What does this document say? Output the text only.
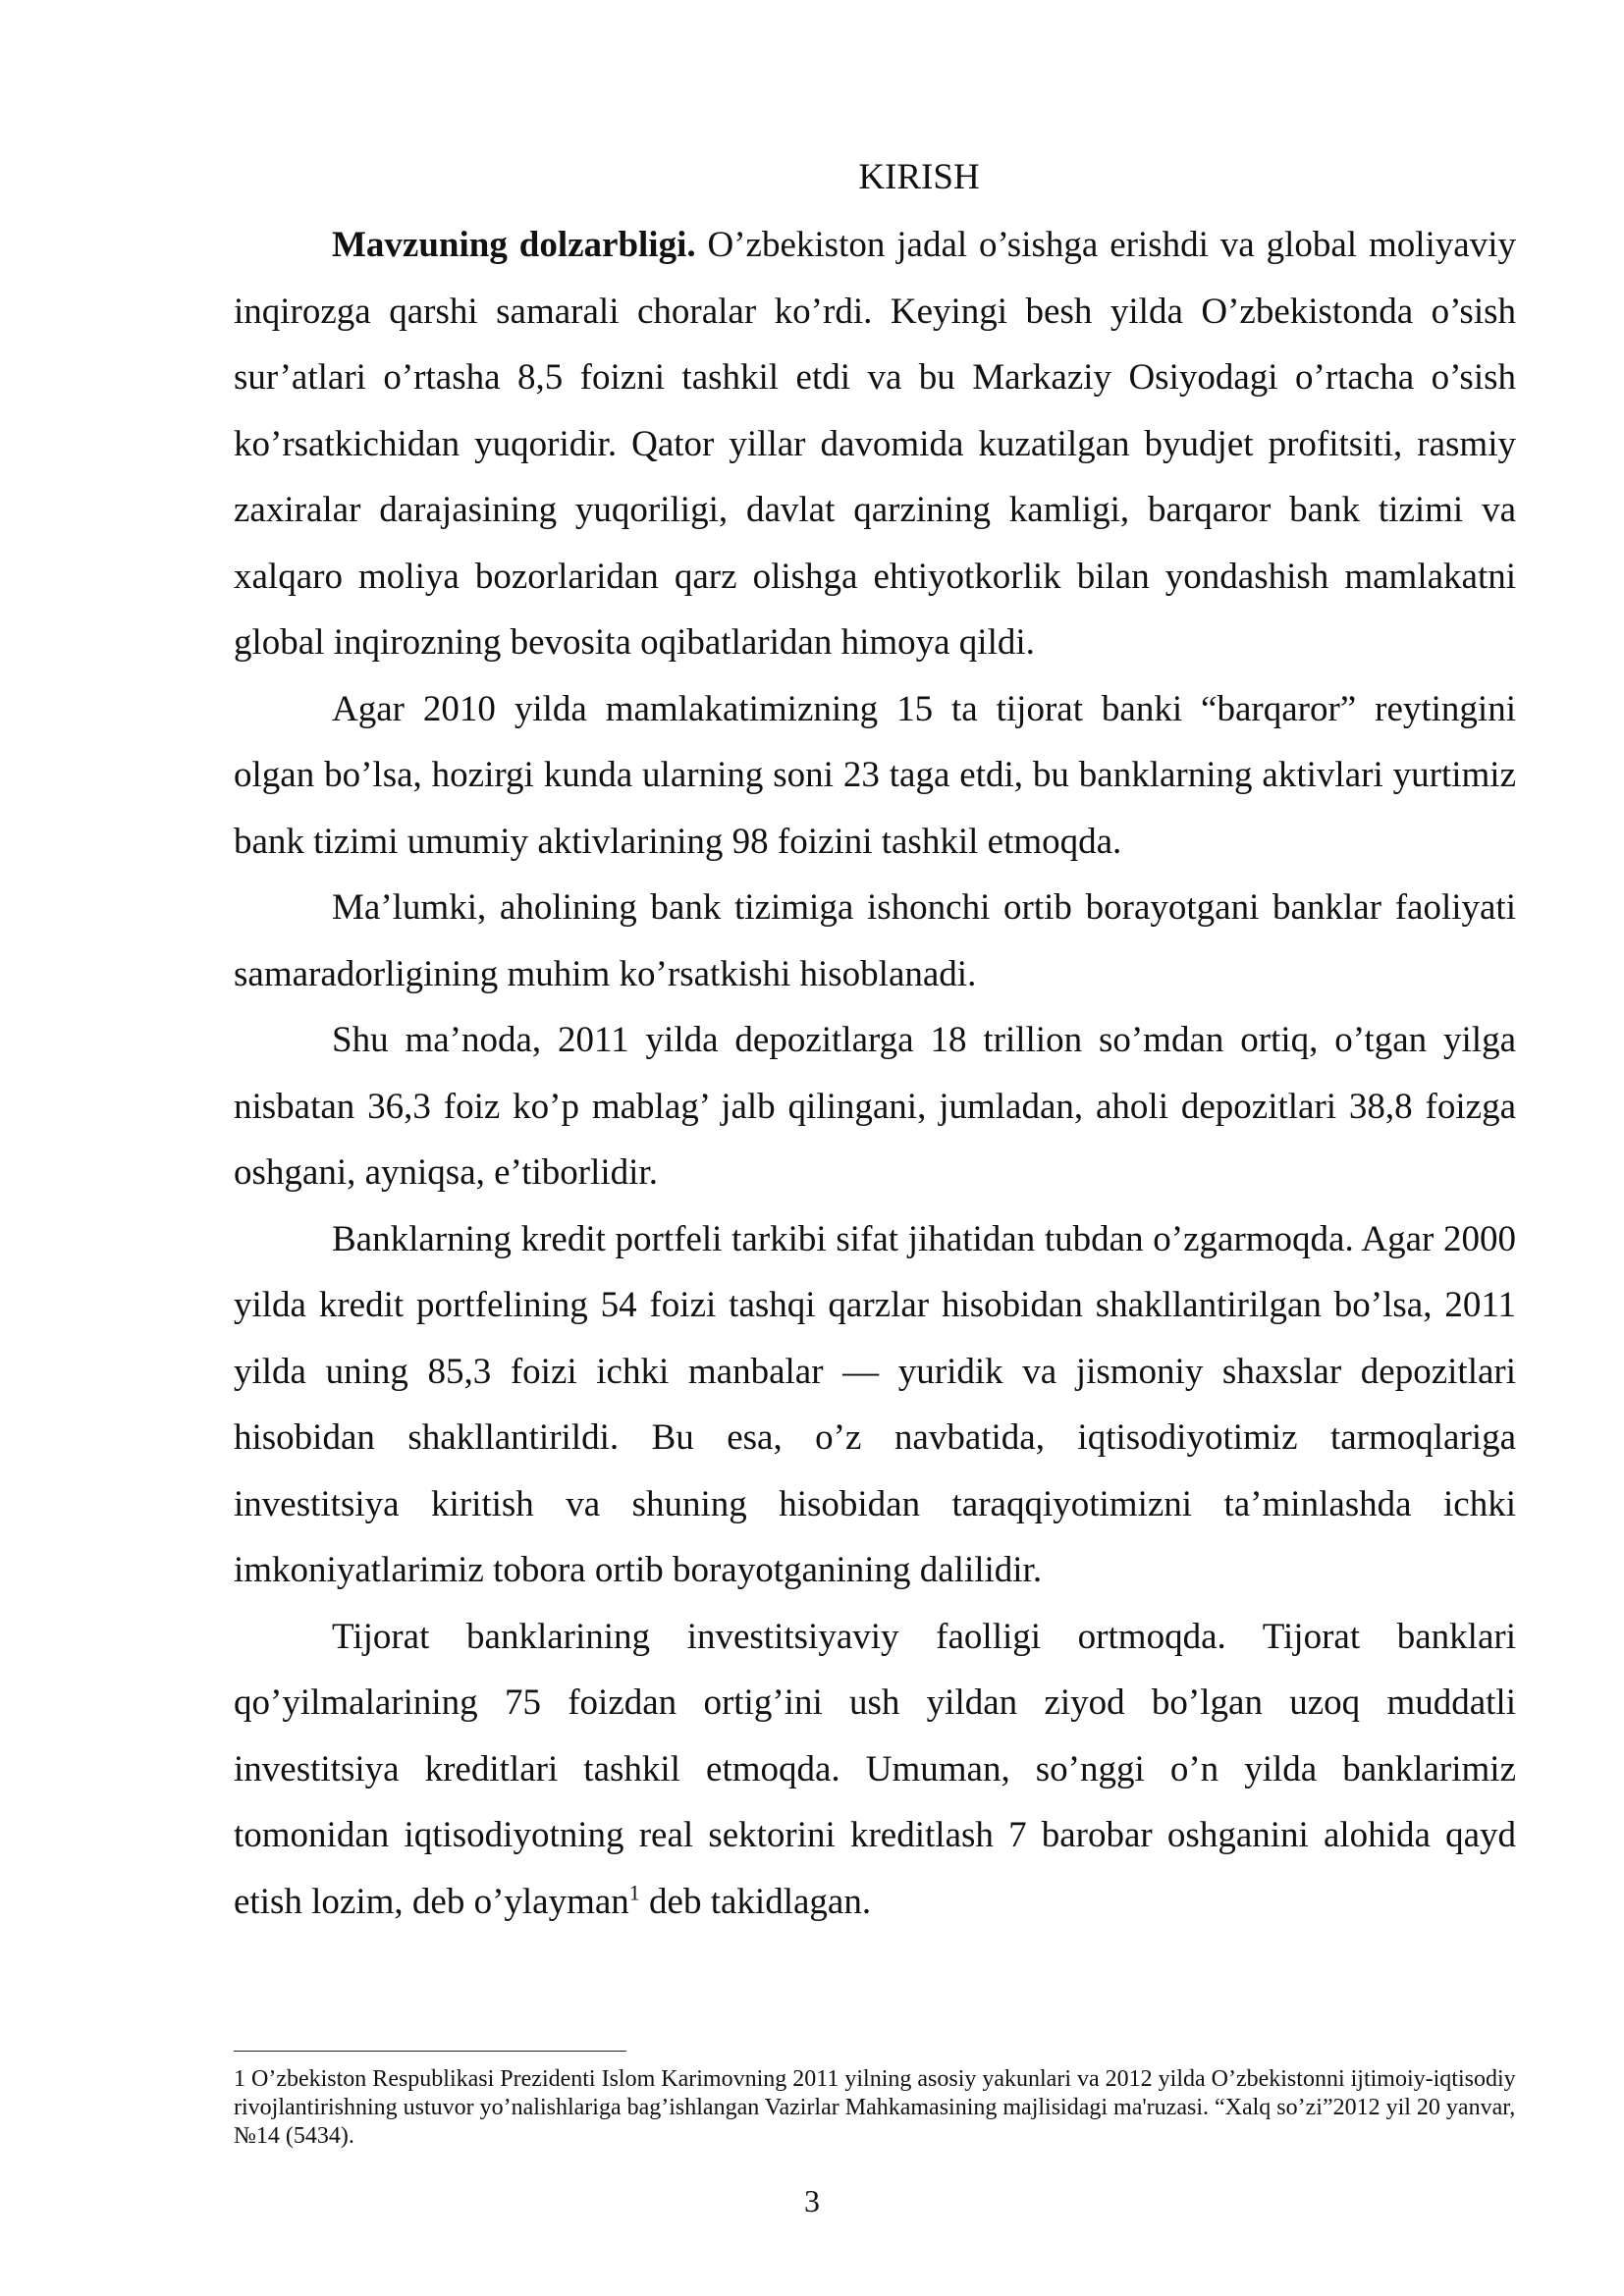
KIRISH

Mavzuning dolzarbligi. O’zbekiston jadal o’sishga erishdi va global moliyaviy inqirozga qarshi samarali choralar ko’rdi. Keyingi besh yilda O’zbekistonda o’sish sur’atlari o’rtasha 8,5 foizni tashkil etdi va bu Markaziy Osiyodagi o’rtacha o’sish ko’rsatkichidan yuqoridir. Qator yillar davomida kuzatilgan byudjet profitsiti, rasmiy zaxiralar darajasining yuqoriligi, davlat qarzining kamligi, barqaror bank tizimi va xalqaro moliya bozorlaridan qarz olishga ehtiyotkorlik bilan yondashish mamlakatni global inqirozning bevosita oqibatlaridan himoya qildi.

Agar 2010 yilda mamlakatimizning 15 ta tijorat banki “barqaror” reytingini olgan bo’lsa, hozirgi kunda ularning soni 23 taga etdi, bu banklarning aktivlari yurtimiz bank tizimi umumiy aktivlarining 98 foizini tashkil etmoqda.

Ma’lumki, aholining bank tizimiga ishonchi ortib borayotgani banklar faoliyati samaradorligining muhim ko’rsatkishi hisoblanadi.

Shu ma’noda, 2011 yilda depozitlarga 18 trillion so’mdan ortiq, o’tgan yilga nisbatan 36,3 foiz ko’p mablag’ jalb qilingani, jumladan, aholi depozitlari 38,8 foizga oshgani, ayniqsa, e’tiborlidir.

Banklarning kredit portfeli tarkibi sifat jihatidan tubdan o’zgarmoqda. Agar 2000 yilda kredit portfelining 54 foizi tashqi qarzlar hisobidan shakllantirilgan bo’lsa, 2011 yilda uning 85,3 foizi ichki manbalar — yuridik va jismoniy shaxslar depozitlari hisobidan shakllantirildi. Bu esa, o’z navbatida, iqtisodiyotimiz tarmoqlariga investitsiya kiritish va shuning hisobidan taraqqiyotimizni ta’minlashda ichki imkoniyatlarimiz tobora ortib borayotganining dalilidir.

Tijorat banklarining investitsiyaviy faolligi ortmoqda. Tijorat banklari qo’yilmalarining 75 foizdan ortig’ini ush yildan ziyod bo’lgan uzoq muddatli investitsiya kreditlari tashkil etmoqda. Umuman, so’nggi o’n yilda banklarimiz tomonidan iqtisodiyotning real sektorini kreditlash 7 barobar oshganini alohida qayd etish lozim, deb o’ylayman$^1$ deb takidlagan.

1 O’zbekiston Respublikasi Prezidenti Islom Karimovning 2011 yilning asosiy yakunlari va 2012 yilda O’zbekistonni ijtimoiy-iqtisodiy rivojlantirishning ustuvor yo’nalishlariga bag’ishlangan Vazirlar Mahkamasining majlisidagi ma'ruzasi. “Xalq so’zi”2012 yil 20 yanvar, №14 (5434).

3
